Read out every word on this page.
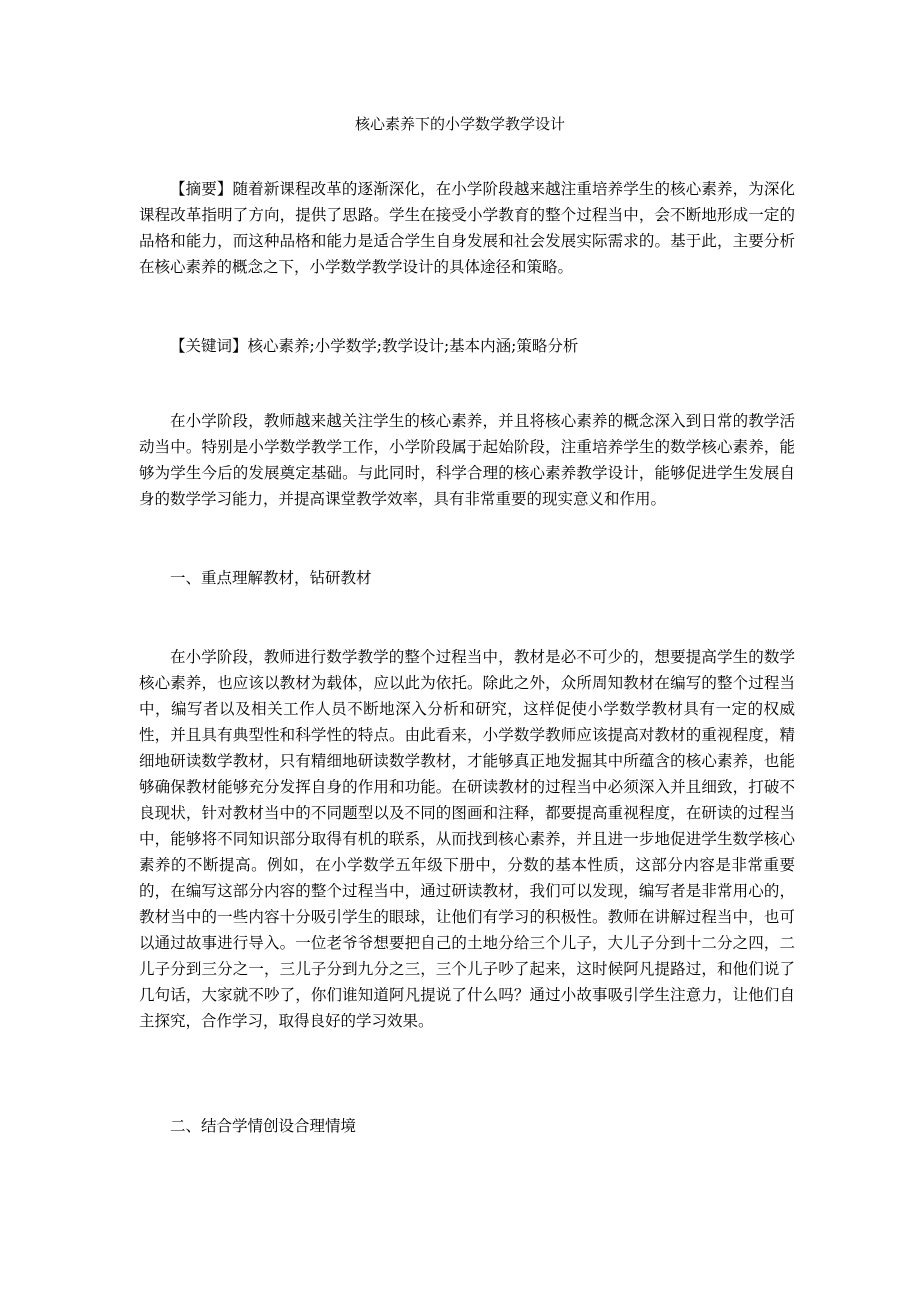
核心素养下的小学数学教学设计

【摘要】随着新课程改革的逐渐深化，在小学阶段越来越注重培养学生的核心素养，为深化课程改革指明了方向，提供了思路。学生在接受小学教育的整个过程当中，会不断地形成一定的品格和能力，而这种品格和能力是适合学生自身发展和社会发展实际需求的。基于此，主要分析在核心素养的概念之下，小学数学教学设计的具体途径和策略。

【关键词】核心素养;小学数学;教学设计;基本内涵;策略分析

在小学阶段，教师越来越关注学生的核心素养，并且将核心素养的概念深入到日常的教学活动当中。特别是小学数学教学工作，小学阶段属于起始阶段，注重培养学生的数学核心素养，能够为学生今后的发展奠定基础。与此同时，科学合理的核心素养教学设计，能够促进学生发展自身的数学学习能力，并提高课堂教学效率，具有非常重要的现实意义和作用。

一、重点理解教材，钻研教材

在小学阶段，教师进行数学教学的整个过程当中，教材是必不可少的，想要提高学生的数学核心素养，也应该以教材为载体，应以此为依托。除此之外，众所周知教材在编写的整个过程当中，编写者以及相关工作人员不断地深入分析和研究，这样促使小学数学教材具有一定的权威性，并且具有典型性和科学性的特点。由此看来，小学数学教师应该提高对教材的重视程度，精细地研读数学教材，只有精细地研读数学教材，才能够真正地发掘其中所蕴含的核心素养，也能够确保教材能够充分发挥自身的作用和功能。在研读教材的过程当中必须深入并且细致，打破不良现状，针对教材当中的不同题型以及不同的图画和注释，都要提高重视程度，在研读的过程当中，能够将不同知识部分取得有机的联系，从而找到核心素养，并且进一步地促进学生数学核心素养的不断提高。例如，在小学数学五年级下册中，分数的基本性质，这部分内容是非常重要的，在编写这部分内容的整个过程当中，通过研读教材，我们可以发现，编写者是非常用心的，教材当中的一些内容十分吸引学生的眼球，让他们有学习的积极性。教师在讲解过程当中，也可以通过故事进行导入。一位老爷爷想要把自己的土地分给三个儿子，大儿子分到十二分之四，二儿子分到三分之一，三儿子分到九分之三，三个儿子吵了起来，这时候阿凡提路过，和他们说了几句话，大家就不吵了，你们谁知道阿凡提说了什么吗？通过小故事吸引学生注意力，让他们自主探究，合作学习，取得良好的学习效果。

二、结合学情创设合理情境
